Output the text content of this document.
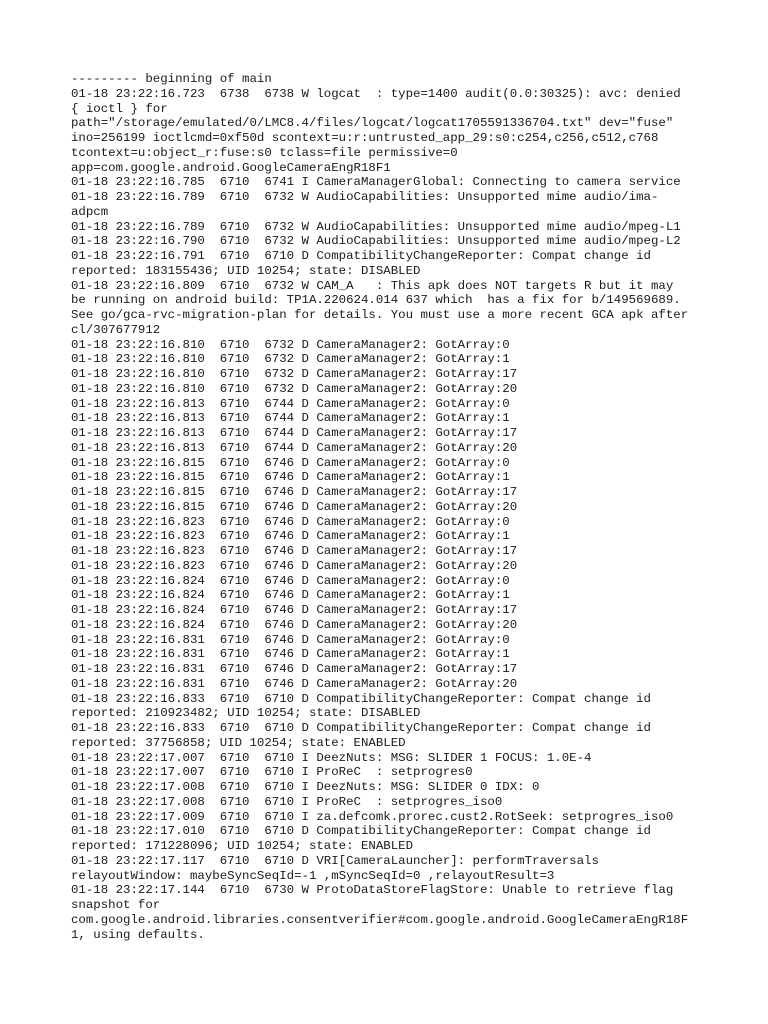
--------- beginning of main
01-18 23:22:16.723  6738  6738 W logcat  : type=1400 audit(0.0:30325): avc: denied
{ ioctl } for
path="/storage/emulated/0/LMC8.4/files/logcat/logcat1705591336704.txt" dev="fuse"
ino=256199 ioctlcmd=0xf50d scontext=u:r:untrusted_app_29:s0:c254,c256,c512,c768
tcontext=u:object_r:fuse:s0 tclass=file permissive=0
app=com.google.android.GoogleCameraEngR18F1
01-18 23:22:16.785  6710  6741 I CameraManagerGlobal: Connecting to camera service
01-18 23:22:16.789  6710  6732 W AudioCapabilities: Unsupported mime audio/ima-
adpcm
01-18 23:22:16.789  6710  6732 W AudioCapabilities: Unsupported mime audio/mpeg-L1
01-18 23:22:16.790  6710  6732 W AudioCapabilities: Unsupported mime audio/mpeg-L2
01-18 23:22:16.791  6710  6710 D CompatibilityChangeReporter: Compat change id
reported: 183155436; UID 10254; state: DISABLED
01-18 23:22:16.809  6710  6732 W CAM_A   : This apk does NOT targets R but it may
be running on android build: TP1A.220624.014 637 which  has a fix for b/149569689.
See go/gca-rvc-migration-plan for details. You must use a more recent GCA apk after
cl/307677912
01-18 23:22:16.810  6710  6732 D CameraManager2: GotArray:0
01-18 23:22:16.810  6710  6732 D CameraManager2: GotArray:1
01-18 23:22:16.810  6710  6732 D CameraManager2: GotArray:17
01-18 23:22:16.810  6710  6732 D CameraManager2: GotArray:20
01-18 23:22:16.813  6710  6744 D CameraManager2: GotArray:0
01-18 23:22:16.813  6710  6744 D CameraManager2: GotArray:1
01-18 23:22:16.813  6710  6744 D CameraManager2: GotArray:17
01-18 23:22:16.813  6710  6744 D CameraManager2: GotArray:20
01-18 23:22:16.815  6710  6746 D CameraManager2: GotArray:0
01-18 23:22:16.815  6710  6746 D CameraManager2: GotArray:1
01-18 23:22:16.815  6710  6746 D CameraManager2: GotArray:17
01-18 23:22:16.815  6710  6746 D CameraManager2: GotArray:20
01-18 23:22:16.823  6710  6746 D CameraManager2: GotArray:0
01-18 23:22:16.823  6710  6746 D CameraManager2: GotArray:1
01-18 23:22:16.823  6710  6746 D CameraManager2: GotArray:17
01-18 23:22:16.823  6710  6746 D CameraManager2: GotArray:20
01-18 23:22:16.824  6710  6746 D CameraManager2: GotArray:0
01-18 23:22:16.824  6710  6746 D CameraManager2: GotArray:1
01-18 23:22:16.824  6710  6746 D CameraManager2: GotArray:17
01-18 23:22:16.824  6710  6746 D CameraManager2: GotArray:20
01-18 23:22:16.831  6710  6746 D CameraManager2: GotArray:0
01-18 23:22:16.831  6710  6746 D CameraManager2: GotArray:1
01-18 23:22:16.831  6710  6746 D CameraManager2: GotArray:17
01-18 23:22:16.831  6710  6746 D CameraManager2: GotArray:20
01-18 23:22:16.833  6710  6710 D CompatibilityChangeReporter: Compat change id
reported: 210923482; UID 10254; state: DISABLED
01-18 23:22:16.833  6710  6710 D CompatibilityChangeReporter: Compat change id
reported: 37756858; UID 10254; state: ENABLED
01-18 23:22:17.007  6710  6710 I DeezNuts: MSG: SLIDER 1 FOCUS: 1.0E-4
01-18 23:22:17.007  6710  6710 I ProReC  : setprogres0
01-18 23:22:17.008  6710  6710 I DeezNuts: MSG: SLIDER 0 IDX: 0
01-18 23:22:17.008  6710  6710 I ProReC  : setprogres_iso0
01-18 23:22:17.009  6710  6710 I za.defcomk.prorec.cust2.RotSeek: setprogres_iso0
01-18 23:22:17.010  6710  6710 D CompatibilityChangeReporter: Compat change id
reported: 171228096; UID 10254; state: ENABLED
01-18 23:22:17.117  6710  6710 D VRI[CameraLauncher]: performTraversals
relayoutWindow: maybeSyncSeqId=-1 ,mSyncSeqId=0 ,relayoutResult=3
01-18 23:22:17.144  6710  6730 W ProtoDataStoreFlagStore: Unable to retrieve flag
snapshot for
com.google.android.libraries.consentverifier#com.google.android.GoogleCameraEngR18F
1, using defaults.
